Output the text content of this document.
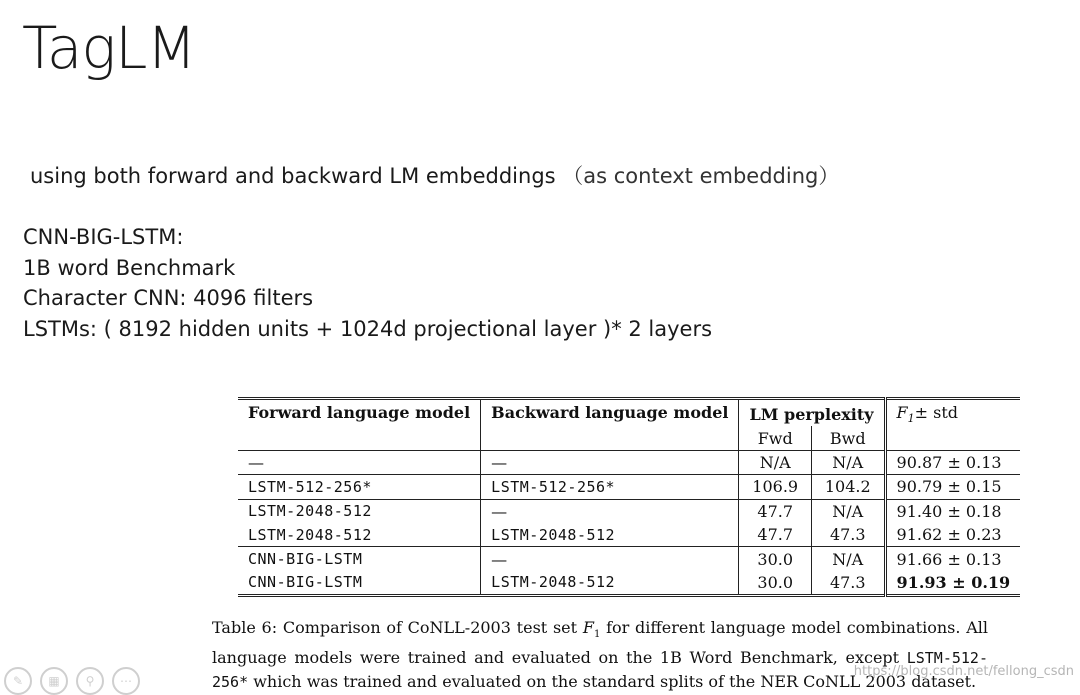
TagLM
using both forward and backward LM embeddings （as context embedding）
CNN-BIG-LSTM:
1B word Benchmark
Character CNN: 4096 filters
LSTMs: ( 8192 hidden units + 1024d projectional layer )* 2 layers
Forward language model	Backward language model	LM perplexity		$F_1\pm$ std
		Fwd	Bwd	
—	—	N/A	N/A	90.87 ± 0.13
LSTM-512-256*	LSTM-512-256*	106.9	104.2	90.79 ± 0.15
LSTM-2048-512	—	47.7	N/A	91.40 ± 0.18
LSTM-2048-512	LSTM-2048-512	47.7	47.3	91.62 ± 0.23
CNN-BIG-LSTM	—	30.0	N/A	91.66 ± 0.13
CNN-BIG-LSTM	LSTM-2048-512	30.0	47.3	91.93 ± 0.19
Table 6: Comparison of CoNLL-2003 test set $F_1$ for different language model combinations. All language models were trained and evaluated on the 1B Word Benchmark, except LSTM-512-256* which was trained and evaluated on the standard splits of the NER CoNLL 2003 dataset.
✎	▦	⚲	⋯
https://blog.csdn.net/fellong_csdn
